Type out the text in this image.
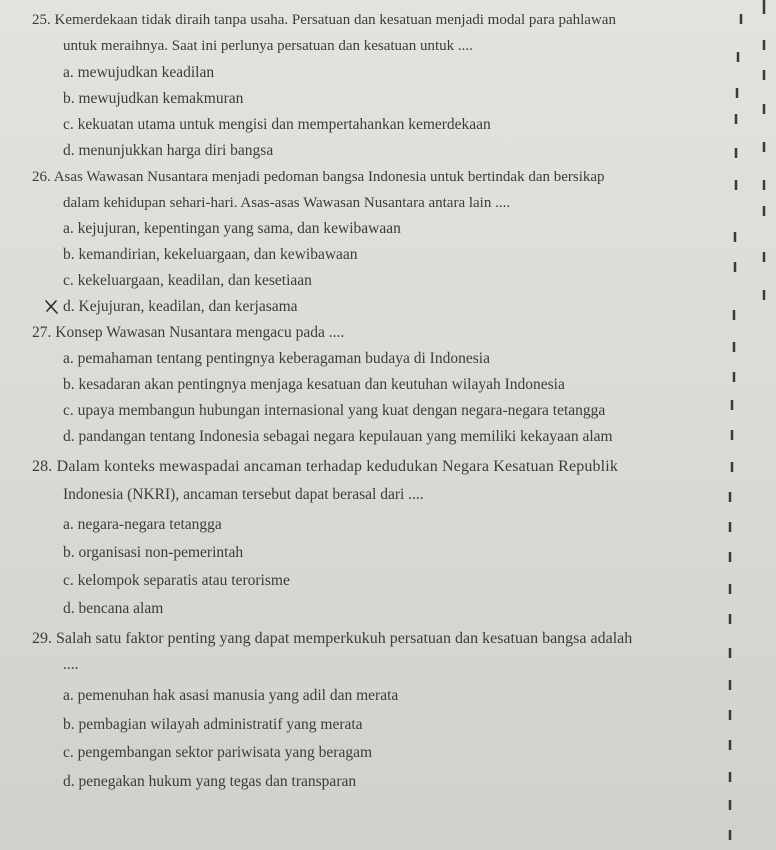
25. Kemerdekaan tidak diraih tanpa usaha. Persatuan dan kesatuan menjadi modal para pahlawan
untuk meraihnya. Saat ini perlunya persatuan dan kesatuan untuk ....
a. mewujudkan keadilan
b. mewujudkan kemakmuran
c. kekuatan utama untuk mengisi dan mempertahankan kemerdekaan
d. menunjukkan harga diri bangsa
26. Asas Wawasan Nusantara menjadi pedoman bangsa Indonesia untuk bertindak dan bersikap
dalam kehidupan sehari-hari. Asas-asas Wawasan Nusantara antara lain ....
a. kejujuran, kepentingan yang sama, dan kewibawaan
b. kemandirian, kekeluargaan, dan kewibawaan
c. kekeluargaan, keadilan, dan kesetiaan
d. Kejujuran, keadilan, dan kerjasama
27. Konsep Wawasan Nusantara mengacu pada ....
a. pemahaman tentang pentingnya keberagaman budaya di Indonesia
b. kesadaran akan pentingnya menjaga kesatuan dan keutuhan wilayah Indonesia
c. upaya membangun hubungan internasional yang kuat dengan negara-negara tetangga
d. pandangan tentang Indonesia sebagai negara kepulauan yang memiliki kekayaan alam
28. Dalam konteks mewaspadai ancaman terhadap kedudukan Negara Kesatuan Republik
Indonesia (NKRI), ancaman tersebut dapat berasal dari ....
a. negara-negara tetangga
b. organisasi non-pemerintah
c. kelompok separatis atau terorisme
d. bencana alam
29. Salah satu faktor penting yang dapat memperkukuh persatuan dan kesatuan bangsa adalah
....
a. pemenuhan hak asasi manusia yang adil dan merata
b. pembagian wilayah administratif yang merata
c. pengembangan sektor pariwisata yang beragam
d. penegakan hukum yang tegas dan transparan
